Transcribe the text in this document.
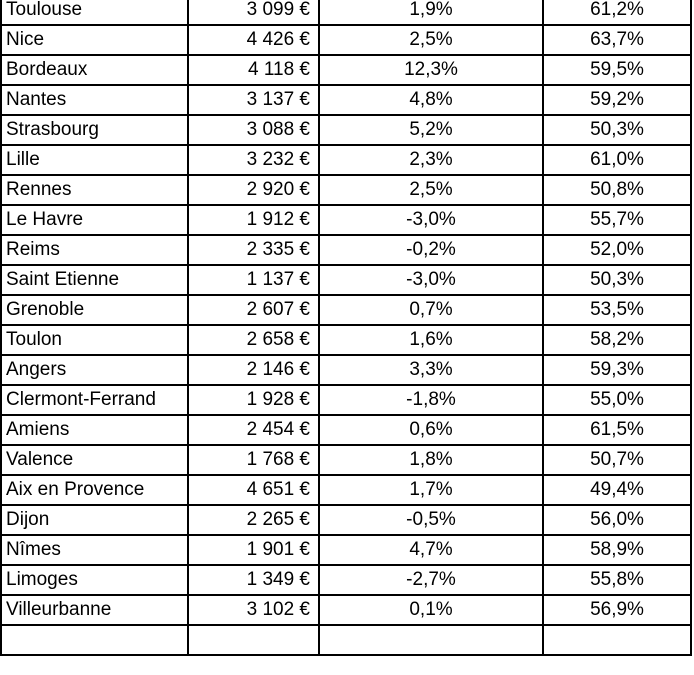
Toulouse	3 099 €	1,9%	61,2%
Nice	4 426 €	2,5%	63,7%
Bordeaux	4 118 €	12,3%	59,5%
Nantes	3 137 €	4,8%	59,2%
Strasbourg	3 088 €	5,2%	50,3%
Lille	3 232 €	2,3%	61,0%
Rennes	2 920 €	2,5%	50,8%
Le Havre	1 912 €	-3,0%	55,7%
Reims	2 335 €	-0,2%	52,0%
Saint Etienne	1 137 €	-3,0%	50,3%
Grenoble	2 607 €	0,7%	53,5%
Toulon	2 658 €	1,6%	58,2%
Angers	2 146 €	3,3%	59,3%
Clermont-Ferrand	1 928 €	-1,8%	55,0%
Amiens	2 454 €	0,6%	61,5%
Valence	1 768 €	1,8%	50,7%
Aix en Provence	4 651 €	1,7%	49,4%
Dijon	2 265 €	-0,5%	56,0%
Nîmes	1 901 €	4,7%	58,9%
Limoges	1 349 €	-2,7%	55,8%
Villeurbanne	3 102 €	0,1%	56,9%
